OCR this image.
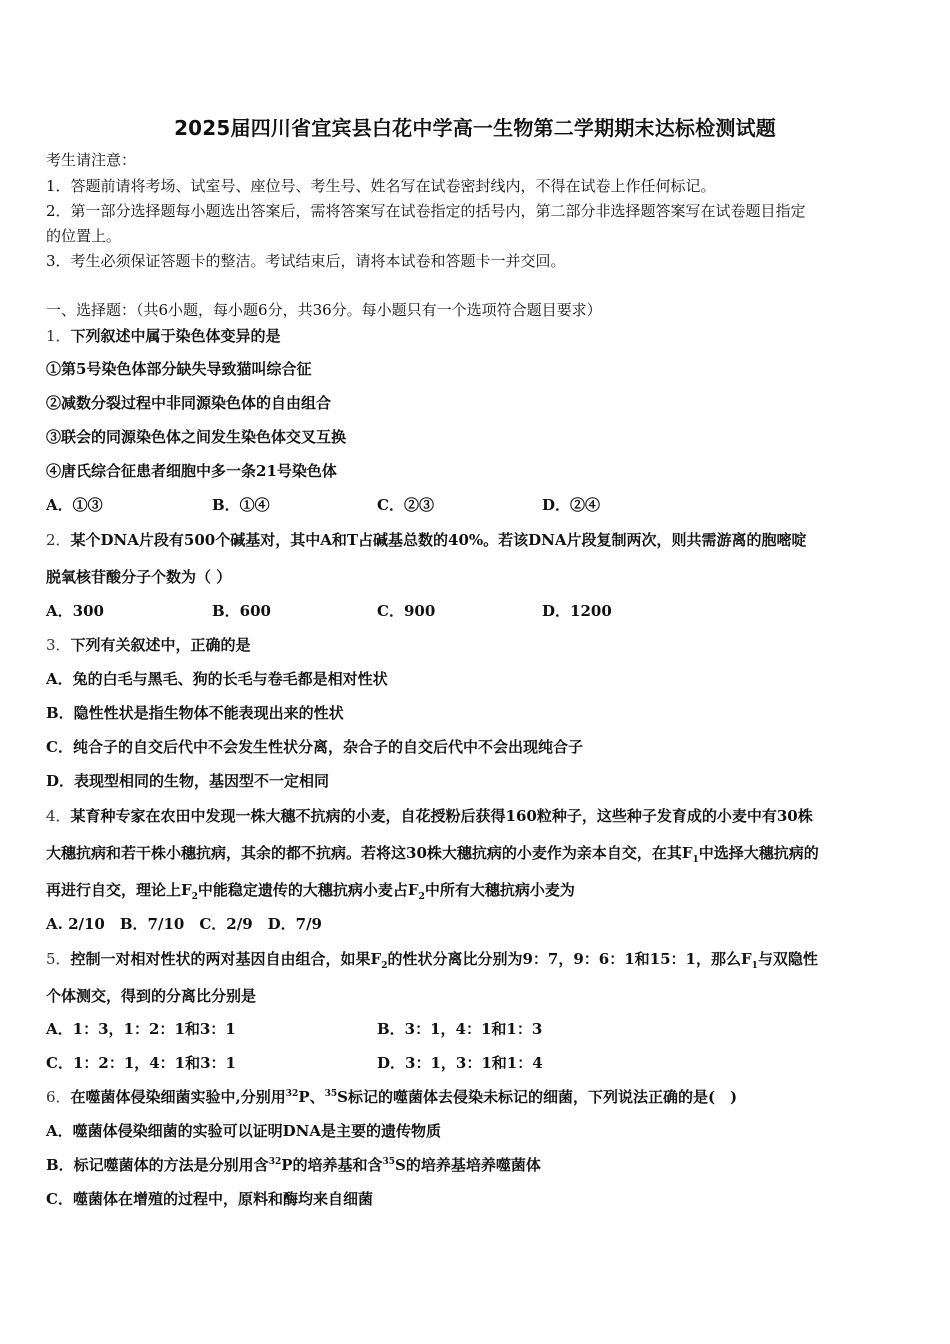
2025届四川省宜宾县白花中学高一生物第二学期期末达标检测试题
考生请注意：
1．答题前请将考场、试室号、座位号、考生号、姓名写在试卷密封线内，不得在试卷上作任何标记。
2．第一部分选择题每小题选出答案后，需将答案写在试卷指定的括号内，第二部分非选择题答案写在试卷题目指定
的位置上。
3．考生必须保证答题卡的整洁。考试结束后，请将本试卷和答题卡一并交回。
一、选择题：（共6小题，每小题6分，共36分。每小题只有一个选项符合题目要求）
1．下列叙述中属于染色体变异的是
①第5号染色体部分缺失导致猫叫综合征
②减数分裂过程中非同源染色体的自由组合
③联会的同源染色体之间发生染色体交叉互换
④唐氏综合征患者细胞中多一条21号染色体
A．①③	B．①④	C．②③	D．②④
2．某个DNA片段有500个碱基对，其中A和T占碱基总数的40%。若该DNA片段复制两次，则共需游离的胞嘧啶
脱氧核苷酸分子个数为（ ）
A．300	B．600	C．900	D．1200
3．下列有关叙述中，正确的是
A．兔的白毛与黑毛、狗的长毛与卷毛都是相对性状
B．隐性性状是指生物体不能表现出来的性状
C．纯合子的自交后代中不会发生性状分离，杂合子的自交后代中不会出现纯合子
D．表现型相同的生物，基因型不一定相同
4．某育种专家在农田中发现一株大穗不抗病的小麦，自花授粉后获得160粒种子，这些种子发育成的小麦中有30株
大穗抗病和若干株小穗抗病，其余的都不抗病。若将这30株大穗抗病的小麦作为亲本自交，在其$F_1$中选择大穗抗病的
再进行自交，理论上$F_2$中能稳定遗传的大穗抗病小麦占$F_2$中所有大穗抗病小麦为
A. 2/10　B．7/10　C．2/9　D．7/9
5．控制一对相对性状的两对基因自由组合，如果$F_2$的性状分离比分别为9：7，9：6：1和15：1，那么$F_1$与双隐性
个体测交，得到的分离比分别是
A．1：3，1：2：1和3：1	B．3：1，4：1和1：3
C．1：2：1，4：1和3：1	D．3：1，3：1和1：4
6．在噬菌体侵染细菌实验中,分别用$^{32}$P、$^{35}$S标记的噬菌体去侵染未标记的细菌，下列说法正确的是(　)
A．噬菌体侵染细菌的实验可以证明DNA是主要的遗传物质
B．标记噬菌体的方法是分别用含$^{32}$P的培养基和含$^{35}$S的培养基培养噬菌体
C．噬菌体在增殖的过程中，原料和酶均来自细菌
